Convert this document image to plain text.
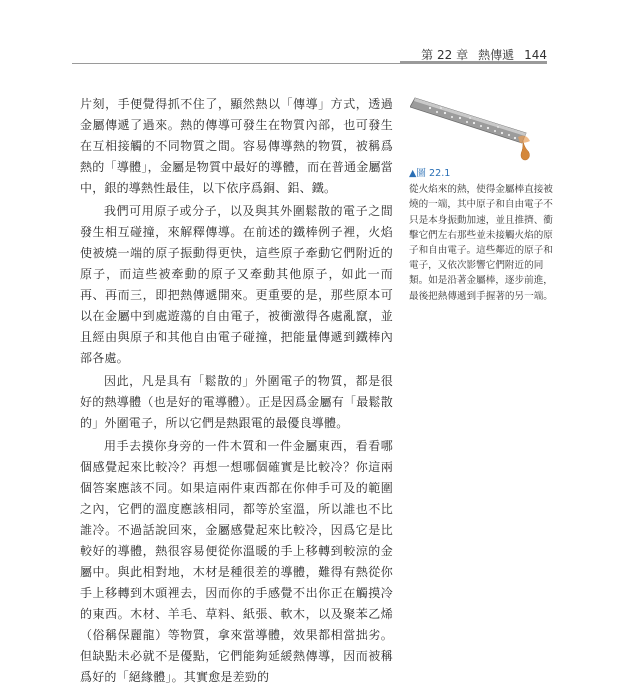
第 22 章 熱傳遞 144

片刻，手便覺得抓不住了，顯然熱以「傳導」方式，透過金屬傳遞了過來。熱的傳導可發生在物質內部，也可發生在互相接觸的不同物質之間。容易傳導熱的物質，被稱爲熱的「導體」，金屬是物質中最好的導體，而在普通金屬當中，銀的導熱性最佳，以下依序爲銅、鋁、鐵。

我們可用原子或分子，以及與其外圍鬆散的電子之間發生相互碰撞，來解釋傳導。在前述的鐵棒例子裡，火焰使被燒一端的原子振動得更快，這些原子牽動它們附近的原子，而這些被牽動的原子又牽動其他原子，如此一而再、再而三，即把熱傳遞開來。更重要的是，那些原本可以在金屬中到處遊蕩的自由電子，被衝激得各處亂竄，並且經由與原子和其他自由電子碰撞，把能量傳遞到鐵棒內部各處。

因此，凡是具有「鬆散的」外圍電子的物質，都是很好的熱導體（也是好的電導體）。正是因爲金屬有「最鬆散的」外圍電子，所以它們是熱跟電的最優良導體。

用手去摸你身旁的一件木質和一件金屬東西，看看哪個感覺起來比較冷？再想一想哪個確實是比較冷？你這兩個答案應該不同。如果這兩件東西都在你伸手可及的範圍之內，它們的溫度應該相同，都等於室溫，所以誰也不比誰冷。不過話說回來，金屬感覺起來比較冷，因爲它是比較好的導體，熱很容易便從你溫暖的手上移轉到較涼的金屬中。與此相對地，木材是種很差的導體，難得有熱從你手上移轉到木頭裡去，因而你的手感覺不出你正在觸摸冷的東西。木材、羊毛、草料、紙張、軟木，以及聚苯乙烯（俗稱保麗龍）等物質，拿來當導體，效果都相當拙劣。但缺點未必就不是優點，它們能夠延緩熱傳導，因而被稱爲好的「絕緣體」。其實愈是差勁的

▲圖 22.1
從火焰來的熱，使得金屬棒直接被燒的一端，其中原子和自由電子不只是本身振動加速，並且推擠、衝擊它們左右那些並未接觸火焰的原子和自由電子。這些鄰近的原子和電子，又依次影響它們附近的同類。如是沿著金屬棒，逐步前進，最後把熱傳遞到手握著的另一端。
